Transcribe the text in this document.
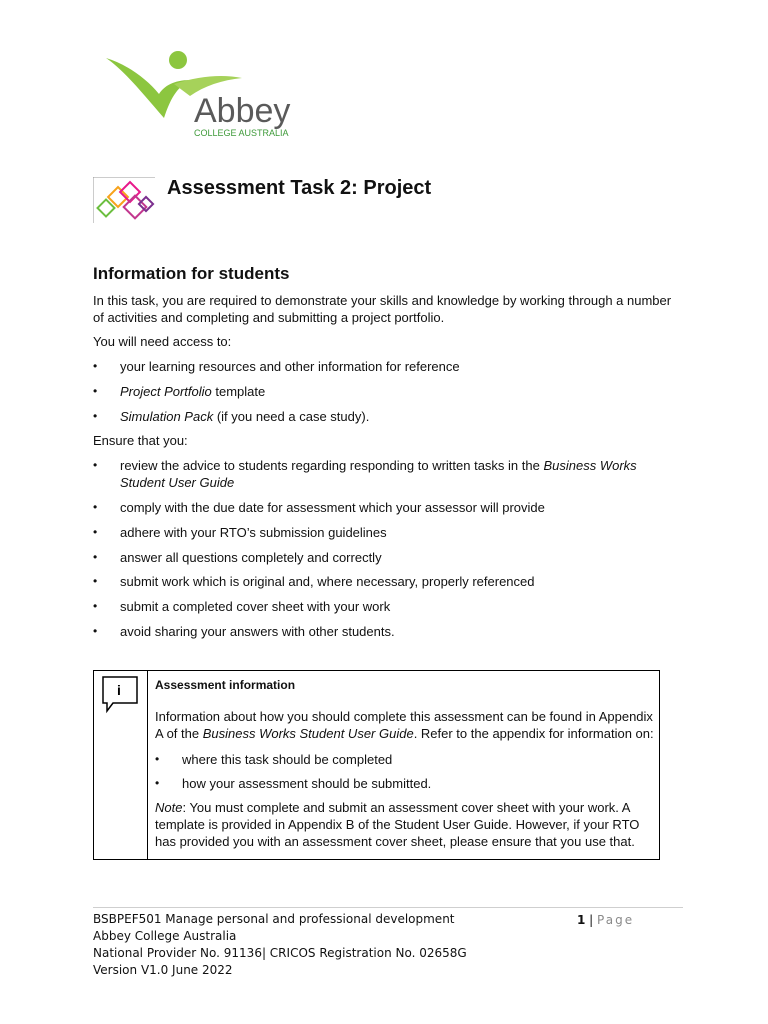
Abbey
COLLEGE AUSTRALIA
Assessment Task 2: Project
Information for students
In this task, you are required to demonstrate your skills and knowledge by working through a number of activities and completing and submitting a project portfolio.
You will need access to:
•	your learning resources and other information for reference
•	Project Portfolio template
•	Simulation Pack (if you need a case study).
Ensure that you:
•	review the advice to students regarding responding to written tasks in the Business Works Student User Guide
•	comply with the due date for assessment which your assessor will provide
•	adhere with your RTO’s submission guidelines
•	answer all questions completely and correctly
•	submit work which is original and, where necessary, properly referenced
•	submit a completed cover sheet with your work
•	avoid sharing your answers with other students.
i	Assessment information
Information about how you should complete this assessment can be found in Appendix A of the Business Works Student User Guide. Refer to the appendix for information on:
• where this task should be completed
• how your assessment should be submitted.
Note: You must complete and submit an assessment cover sheet with your work. A template is provided in Appendix B of the Student User Guide. However, if your RTO has provided you with an assessment cover sheet, please ensure that you use that.
BSBPEF501 Manage personal and professional development
Abbey College Australia
National Provider No. 91136| CRICOS Registration No. 02658G
Version V1.0 June 2022
1 | Page
